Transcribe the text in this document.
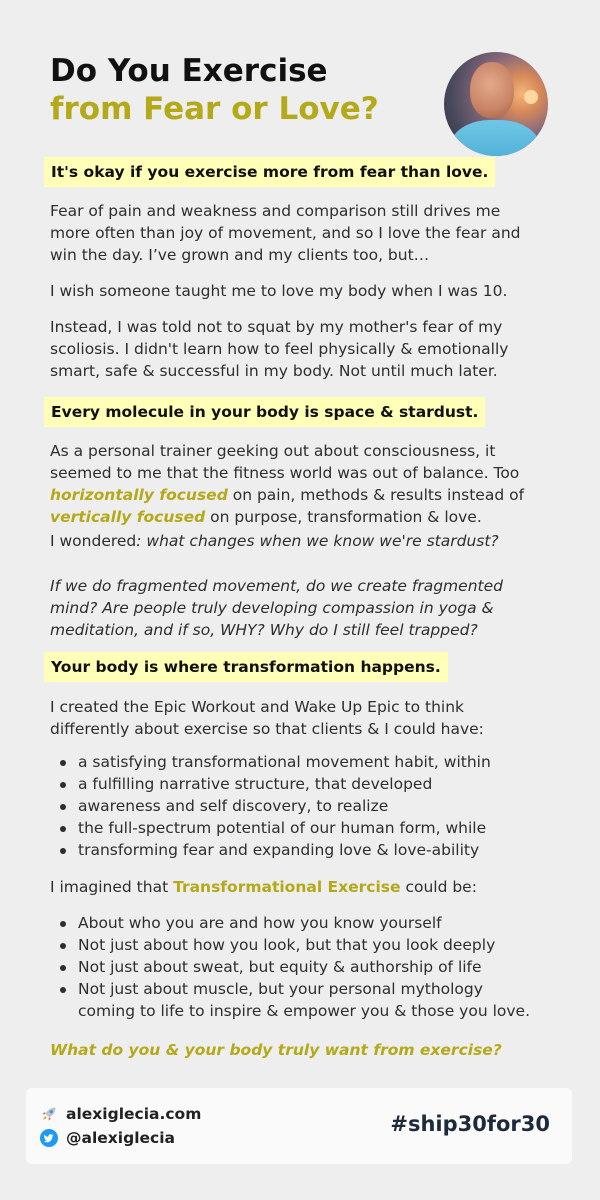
Do You Exercise
from Fear or Love?
It's okay if you exercise more from fear than love.

Fear of pain and weakness and comparison still drives me
more often than joy of movement, and so I love the fear and
win the day. I’ve grown and my clients too, but…

I wish someone taught me to love my body when I was 10.

Instead, I was told not to squat by my mother's fear of my
scoliosis. I didn't learn how to feel physically & emotionally
smart, safe & successful in my body. Not until much later.

Every molecule in your body is space & stardust.

As a personal trainer geeking out about consciousness, it
seemed to me that the fitness world was out of balance. Too
horizontally focused on pain, methods & results instead of
vertically focused on purpose, transformation & love.

I wondered: what changes when we know we're stardust?

If we do fragmented movement, do we create fragmented
mind? Are people truly developing compassion in yoga &
meditation, and if so, WHY? Why do I still feel trapped?

Your body is where transformation happens.

I created the Epic Workout and Wake Up Epic to think
differently about exercise so that clients & I could have:

a satisfying transformational movement habit, within
a fulfilling narrative structure, that developed
awareness and self discovery, to realize
the full-spectrum potential of our human form, while
transforming fear and expanding love & love-ability

I imagined that Transformational Exercise could be:

About who you are and how you know yourself
Not just about how you look, but that you look deeply
Not just about sweat, but equity & authorship of life
Not just about muscle, but your personal mythology
coming to life to inspire & empower you & those you love.
What do you & your body truly want from exercise?
alexiglecia.com
@alexiglecia
#ship30for30
